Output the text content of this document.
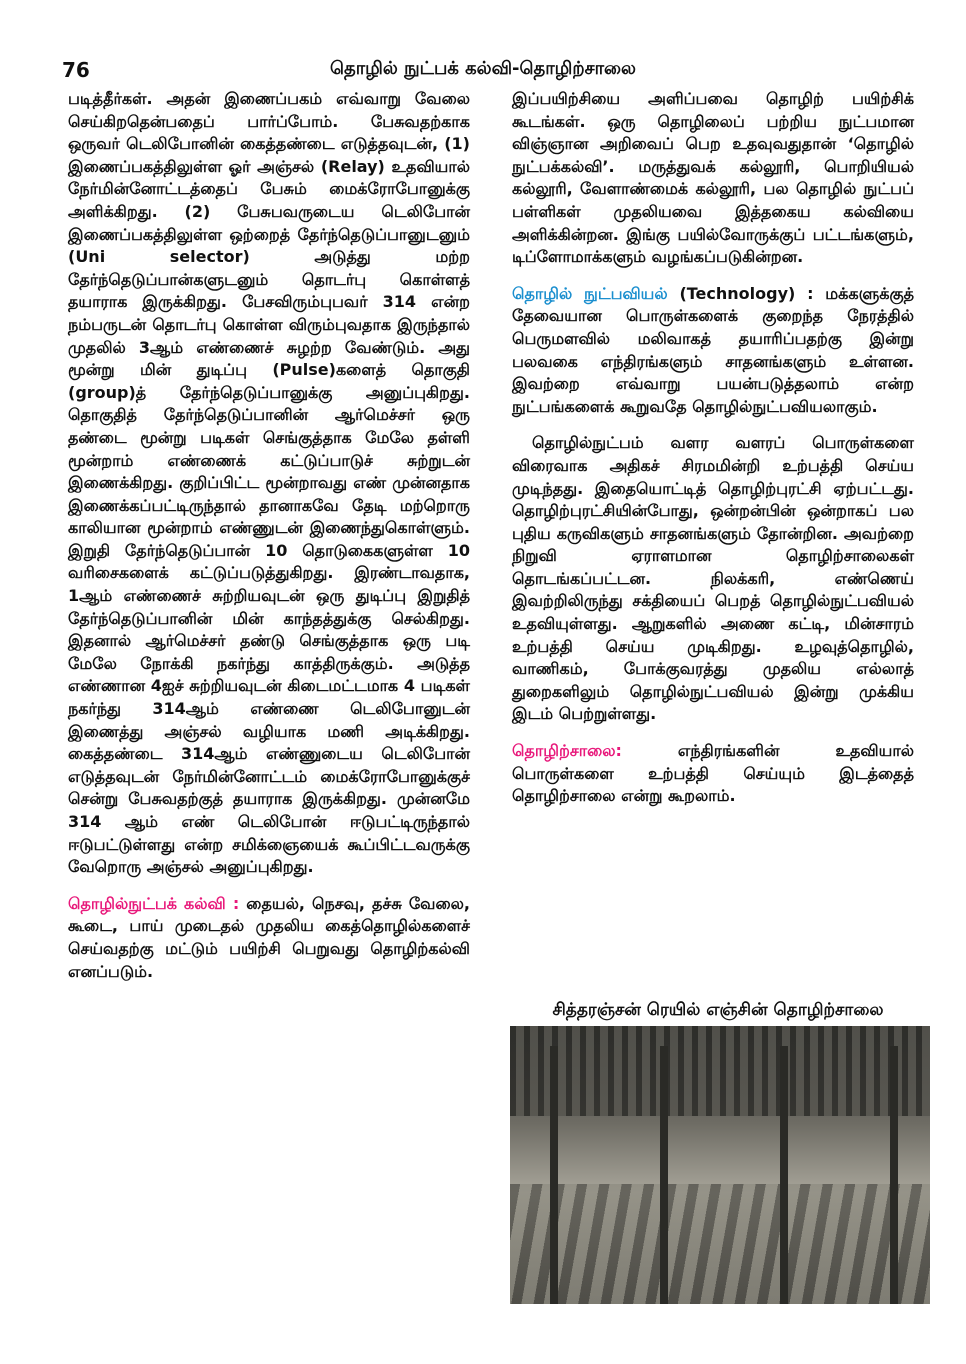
76	தொழில் நுட்பக் கல்வி-தொழிற்சாலை

படித்தீர்கள். அதன் இணைப்பகம் எவ்வாறு வேலை செய்கிறதென்பதைப் பார்ப்போம். பேசுவதற்காக ஒருவர் டெலிபோனின் கைத்தண்டை எடுத்தவுடன், (1) இணைப்பகத்திலுள்ள ஓர் அஞ்சல் (Relay) உதவியால் நேர்மின்னோட்டத்தைப் பேசும் மைக்ரோபோனுக்கு அளிக்கிறது. (2) பேசுபவருடைய டெலிபோன் இணைப்பகத்திலுள்ள ஒற்றைத் தேர்ந்தெடுப்பானுடனும் (Uni selector) அடுத்து மற்ற தேர்ந்தெடுப்பான்களுடனும் தொடர்பு கொள்ளத் தயாராக இருக்கிறது. பேசவிரும்புபவர் 314 என்ற நம்பருடன் தொடர்பு கொள்ள விரும்புவதாக இருந்தால் முதலில் 3ஆம் எண்ணைச் சுழற்ற வேண்டும். அது மூன்று மின் துடிப்பு (Pulse)களைத் தொகுதி (group)த் தேர்ந்தெடுப்பானுக்கு அனுப்புகிறது. தொகுதித் தேர்ந்தெடுப்பானின் ஆர்மெச்சர் ஒரு தண்டை மூன்று படிகள் செங்குத்தாக மேலே தள்ளி மூன்றாம் எண்ணைக் கட்டுப்பாடுச் சுற்றுடன் இணைக்கிறது. குறிப்பிட்ட மூன்றாவது எண் முன்னதாக இணைக்கப்பட்டிருந்தால் தானாகவே தேடி மற்றொரு காலியான மூன்றாம் எண்ணுடன் இணைந்துகொள்ளும். இறுதி தேர்ந்தெடுப்பான் 10 தொடுகைகளுள்ள 10 வரிசைகளைக் கட்டுப்படுத்துகிறது. இரண்டாவதாக, 1ஆம் எண்ணைச் சுற்றியவுடன் ஒரு துடிப்பு இறுதித் தேர்ந்தெடுப்பானின் மின் காந்தத்துக்கு செல்கிறது. இதனால் ஆர்மெச்சர் தண்டு செங்குத்தாக ஒரு படி மேலே நோக்கி நகர்ந்து காத்திருக்கும். அடுத்த எண்ணான 4ஐச் சுற்றியவுடன் கிடைமட்டமாக 4 படிகள் நகர்ந்து 314ஆம் எண்ணை டெலிபோனுடன் இணைத்து அஞ்சல் வழியாக மணி அடிக்கிறது. கைத்தண்டை 314ஆம் எண்ணுடைய டெலிபோன் எடுத்தவுடன் நேர்மின்னோட்டம் மைக்ரோபோனுக்குச் சென்று பேசுவதற்குத் தயாராக இருக்கிறது. முன்னமே 314 ஆம் எண் டெலிபோன் ஈடுபட்டிருந்தால் ஈடுபட்டுள்ளது என்ற சமிக்ஞையைக் கூப்பிட்டவருக்கு வேறொரு அஞ்சல் அனுப்புகிறது.

தொழில்நுட்பக் கல்வி : தையல், நெசவு, தச்சு வேலை, கூடை, பாய் முடைதல் முதலிய கைத்தொழில்களைச் செய்வதற்கு மட்டும் பயிற்சி பெறுவது தொழிற்கல்வி எனப்படும்.

இப்பயிற்சியை அளிப்பவை தொழிற் பயிற்சிக் கூடங்கள். ஒரு தொழிலைப் பற்றிய நுட்பமான விஞ்ஞான அறிவைப் பெற உதவுவதுதான் ‘தொழில் நுட்பக்கல்வி’. மருத்துவக் கல்லூரி, பொறியியல் கல்லூரி, வேளாண்மைக் கல்லூரி, பல தொழில் நுட்பப் பள்ளிகள் முதலியவை இத்தகைய கல்வியை அளிக்கின்றன. இங்கு பயில்வோருக்குப் பட்டங்களும், டிப்ளோமாக்களும் வழங்கப்படுகின்றன.

தொழில் நுட்பவியல் (Technology) : மக்களுக்குத் தேவையான பொருள்களைக் குறைந்த நேரத்தில் பெருமளவில் மலிவாகத் தயாரிப்பதற்கு இன்று பலவகை எந்திரங்களும் சாதனங்களும் உள்ளன. இவற்றை எவ்வாறு பயன்படுத்தலாம் என்ற நுட்பங்களைக் கூறுவதே தொழில்நுட்பவியலாகும்.

தொழில்நுட்பம் வளர வளரப் பொருள்களை விரைவாக அதிகச் சிரமமின்றி உற்பத்தி செய்ய முடிந்தது. இதையொட்டித் தொழிற்புரட்சி ஏற்பட்டது. தொழிற்புரட்சியின்போது, ஒன்றன்பின் ஒன்றாகப் பல புதிய கருவிகளும் சாதனங்களும் தோன்றின. அவற்றை நிறுவி ஏராளமான தொழிற்சாலைகள் தொடங்கப்பட்டன. நிலக்கரி, எண்ணெய் இவற்றிலிருந்து சக்தியைப் பெறத் தொழில்நுட்பவியல் உதவியுள்ளது. ஆறுகளில் அணை கட்டி, மின்சாரம் உற்பத்தி செய்ய முடிகிறது. உழவுத்தொழில், வாணிகம், போக்குவரத்து முதலிய எல்லாத் துறைகளிலும் தொழில்நுட்பவியல் இன்று முக்கிய இடம் பெற்றுள்ளது.

தொழிற்சாலை:	எந்திரங்களின் உதவியால் பொருள்களை உற்பத்தி செய்யும் இடத்தைத் தொழிற்சாலை என்று கூறலாம்.

சித்தரஞ்சன் ரெயில் எஞ்சின் தொழிற்சாலை
